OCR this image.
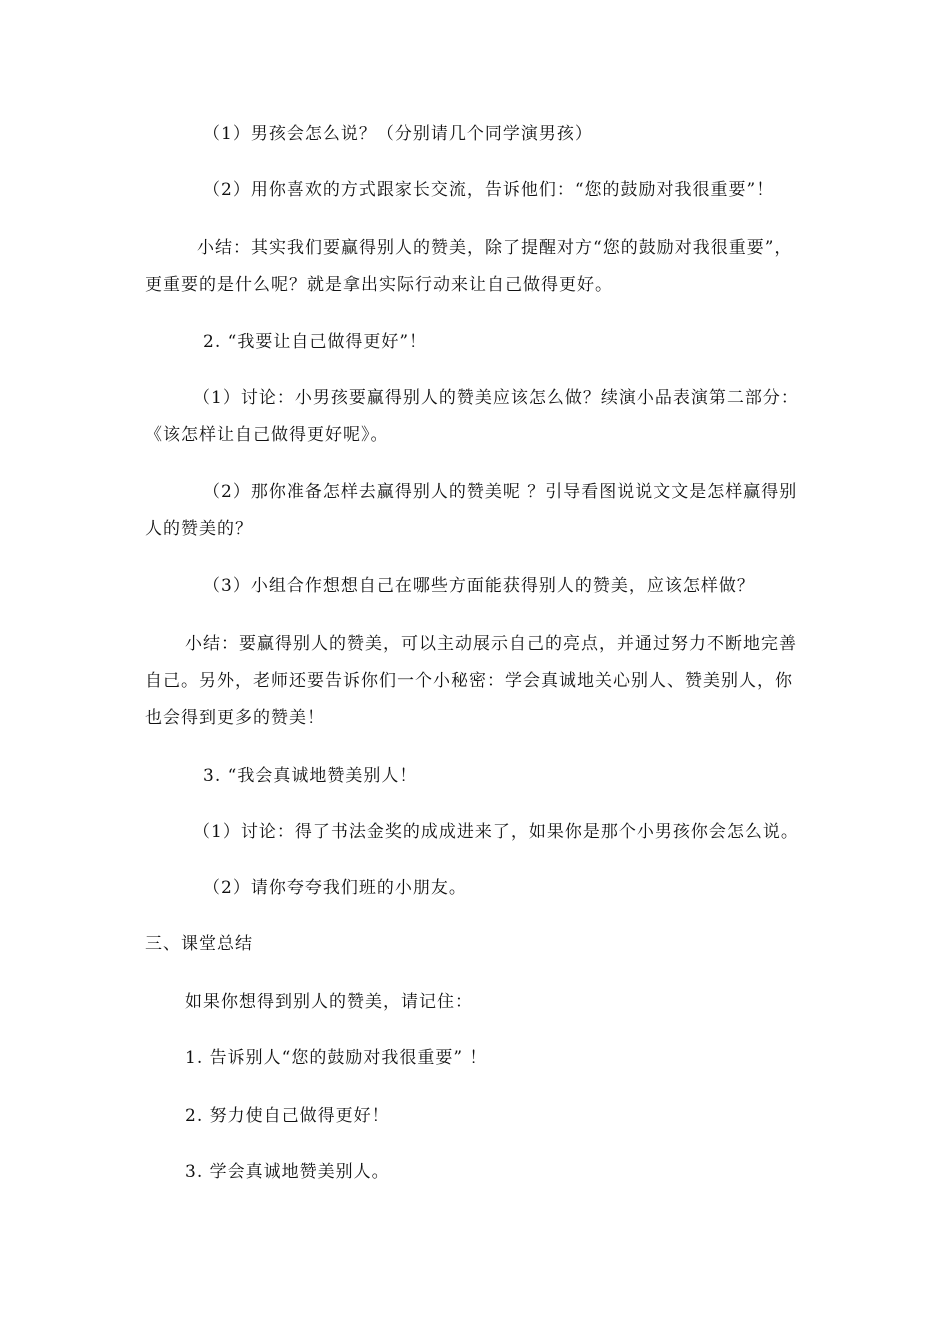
（1）男孩会怎么说？（分别请几个同学演男孩）

（2）用你喜欢的方式跟家长交流，告诉他们：“您的鼓励对我很重要”！

小结：其实我们要赢得别人的赞美，除了提醒对方“您的鼓励对我很重要”，更重要的是什么呢？就是拿出实际行动来让自己做得更好。

2. “我要让自己做得更好”！

（1）讨论：小男孩要赢得别人的赞美应该怎么做？续演小品表演第二部分：《该怎样让自己做得更好呢》。

（2）那你准备怎样去赢得别人的赞美呢 ？引导看图说说文文是怎样赢得别人的赞美的？

（3）小组合作想想自己在哪些方面能获得别人的赞美，应该怎样做？

小结：要赢得别人的赞美，可以主动展示自己的亮点，并通过努力不断地完善自己。另外，老师还要告诉你们一个小秘密：学会真诚地关心别人、赞美别人，你也会得到更多的赞美！

3. “我会真诚地赞美别人！

（1）讨论：得了书法金奖的成成进来了，如果你是那个小男孩你会怎么说。

（2）请你夸夸我们班的小朋友。

三、课堂总结

如果你想得到别人的赞美，请记住：

1. 告诉别人“您的鼓励对我很重要” ！

2. 努力使自己做得更好！

3. 学会真诚地赞美别人。
